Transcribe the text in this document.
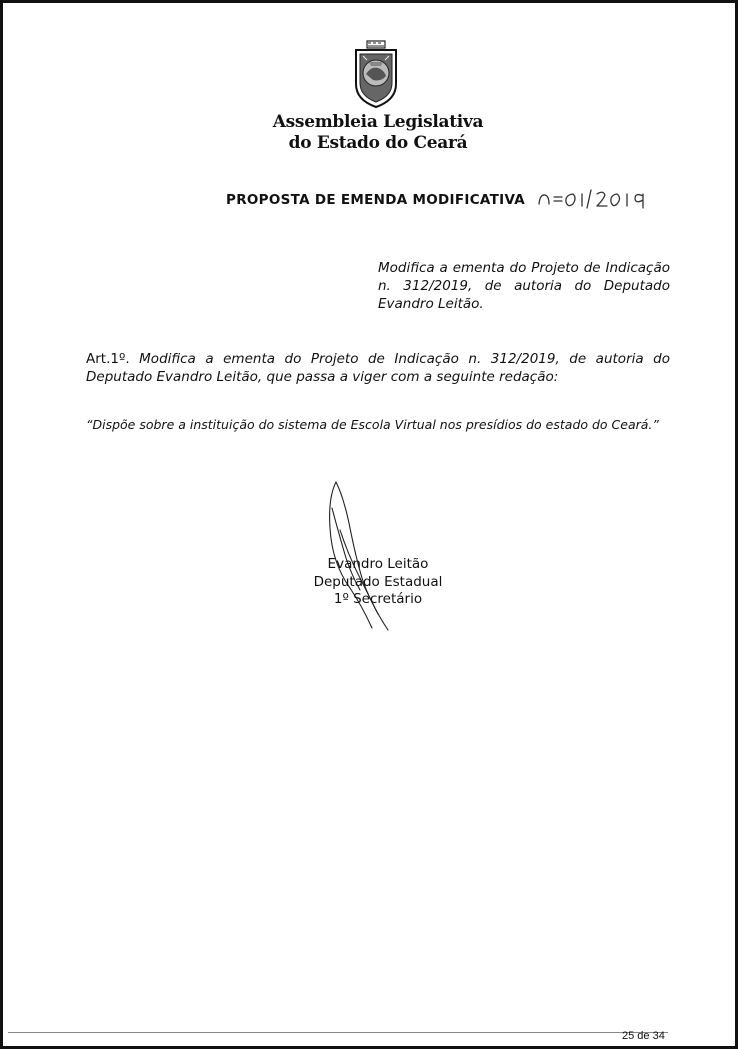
Assembleia Legislativa
do Estado do Ceará
PROPOSTA DE EMENDA MODIFICATIVA
Modifica a ementa do Projeto de Indicação n. 312/2019, de autoria do Deputado Evandro Leitão.
Art.1º. Modifica a ementa do Projeto de Indicação n. 312/2019, de autoria do Deputado Evandro Leitão, que passa a viger com a seguinte redação:
“Dispõe sobre a instituição do sistema de Escola Virtual nos presídios do estado do Ceará.”
Evandro Leitão
Deputado Estadual
1º Secretário
25 de 34
